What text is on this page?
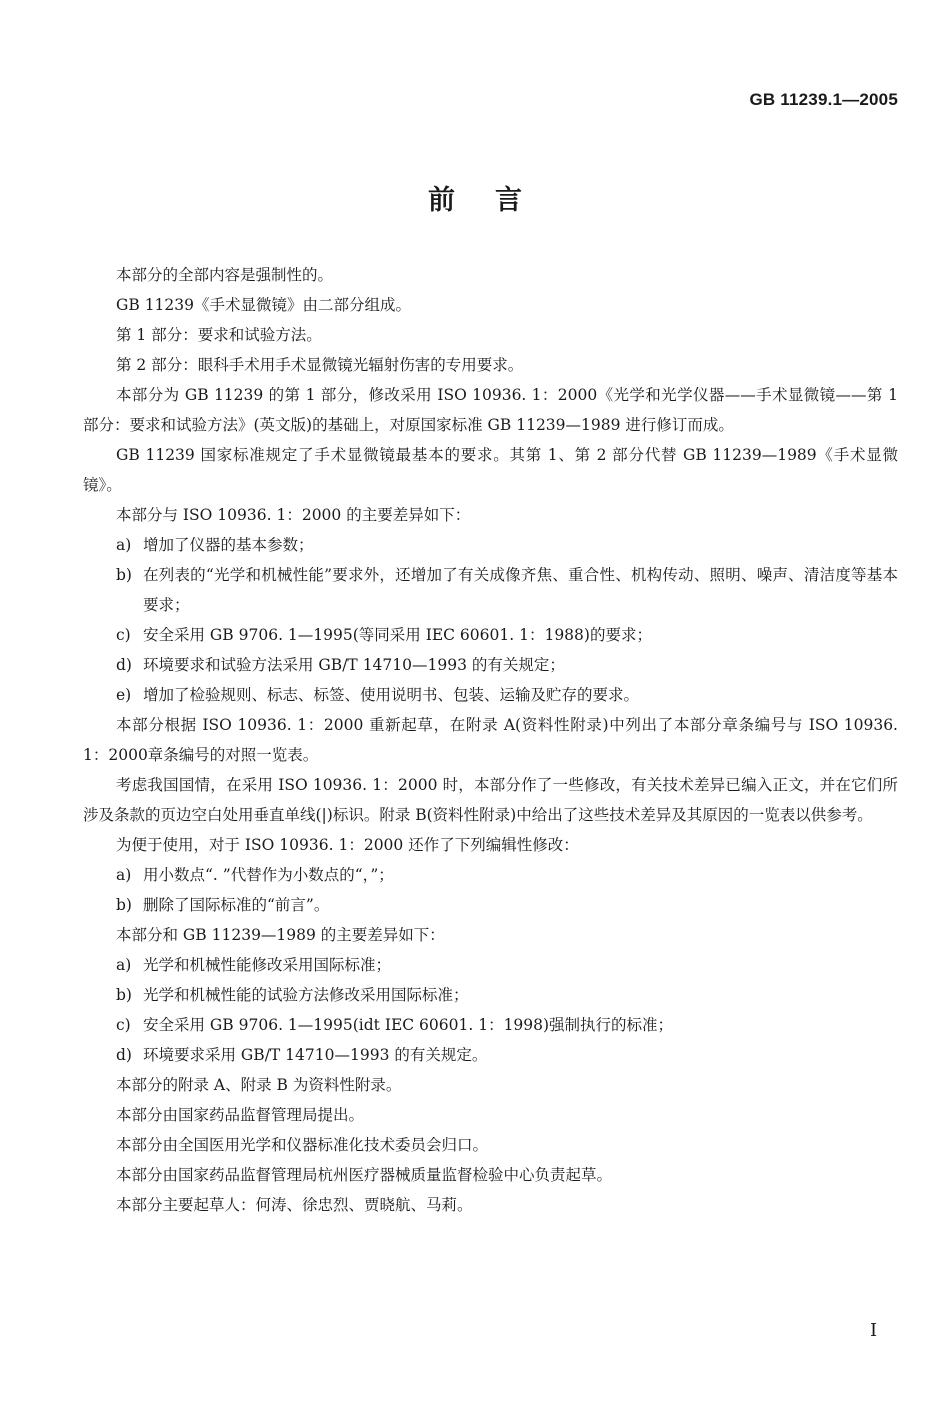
GB 11239.1—2005
前言

本部分的全部内容是强制性的。

GB 11239《手术显微镜》由二部分组成。

第 1 部分：要求和试验方法。

第 2 部分：眼科手术用手术显微镜光辐射伤害的专用要求。

本部分为 GB 11239 的第 1 部分，修改采用 ISO 10936. 1：2000《光学和光学仪器——手术显微镜——第 1 部分：要求和试验方法》(英文版)的基础上，对原国家标准 GB 11239—1989 进行修订而成。

GB 11239 国家标准规定了手术显微镜最基本的要求。其第 1、第 2 部分代替 GB 11239—1989《手术显微镜》。

本部分与 ISO 10936. 1：2000 的主要差异如下：

a) 增加了仪器的基本参数；

b) 在列表的“光学和机械性能”要求外，还增加了有关成像齐焦、重合性、机构传动、照明、噪声、清洁度等基本要求；

c) 安全采用 GB 9706. 1—1995(等同采用 IEC 60601. 1：1988)的要求；

d) 环境要求和试验方法采用 GB/T 14710—1993 的有关规定；

e) 增加了检验规则、标志、标签、使用说明书、包装、运输及贮存的要求。

本部分根据 ISO 10936. 1：2000 重新起草，在附录 A(资料性附录)中列出了本部分章条编号与 ISO 10936. 1：2000章条编号的对照一览表。

考虑我国国情，在采用 ISO 10936. 1：2000 时，本部分作了一些修改，有关技术差异已编入正文，并在它们所涉及条款的页边空白处用垂直单线(|)标识。附录 B(资料性附录)中给出了这些技术差异及其原因的一览表以供参考。

为便于使用，对于 ISO 10936. 1：2000 还作了下列编辑性修改：

a) 用小数点“. ”代替作为小数点的“，”；

b) 删除了国际标准的“前言”。

本部分和 GB 11239—1989 的主要差异如下：

a) 光学和机械性能修改采用国际标准；

b) 光学和机械性能的试验方法修改采用国际标准；

c) 安全采用 GB 9706. 1—1995(idt IEC 60601. 1：1998)强制执行的标准；

d) 环境要求采用 GB/T 14710—1993 的有关规定。

本部分的附录 A、附录 B 为资料性附录。

本部分由国家药品监督管理局提出。

本部分由全国医用光学和仪器标准化技术委员会归口。

本部分由国家药品监督管理局杭州医疗器械质量监督检验中心负责起草。

本部分主要起草人：何涛、徐忠烈、贾晓航、马莉。

I
